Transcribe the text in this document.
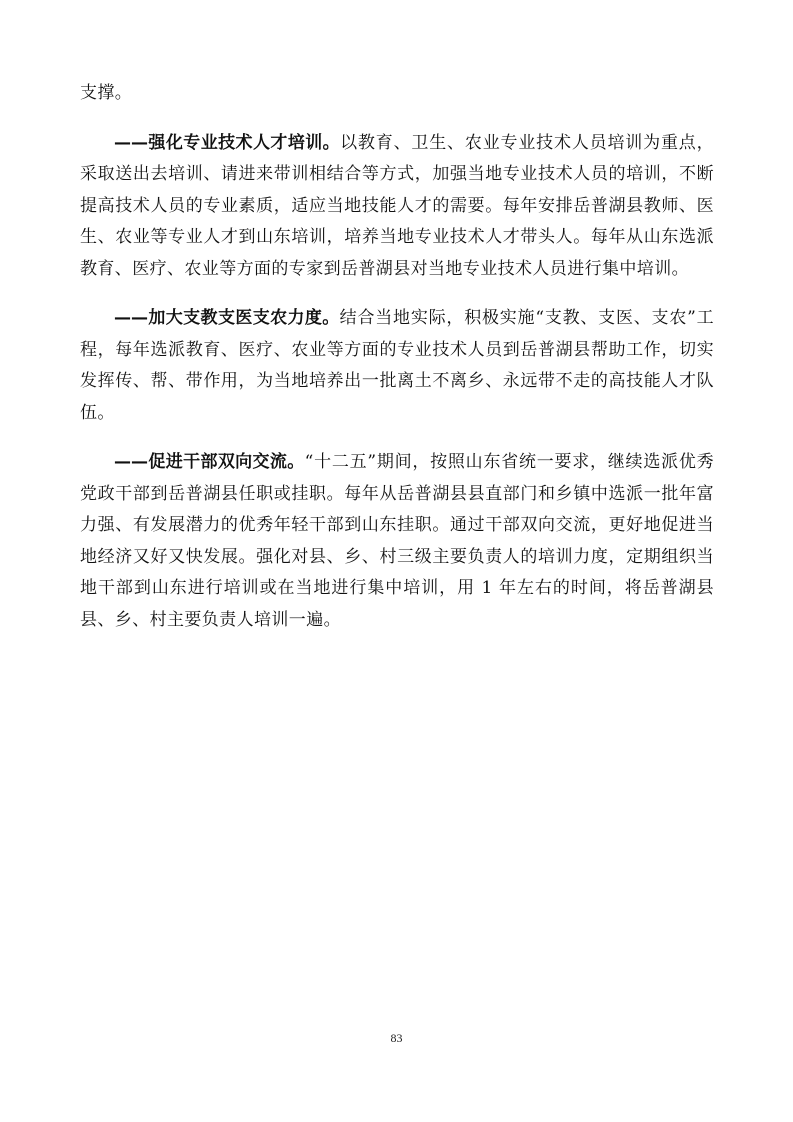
支撑。

——强化专业技术人才培训。以教育、卫生、农业专业技术人员培训为重点，采取送出去培训、请进来带训相结合等方式，加强当地专业技术人员的培训，不断提高技术人员的专业素质，适应当地技能人才的需要。每年安排岳普湖县教师、医生、农业等专业人才到山东培训，培养当地专业技术人才带头人。每年从山东选派教育、医疗、农业等方面的专家到岳普湖县对当地专业技术人员进行集中培训。

——加大支教支医支农力度。结合当地实际，积极实施“支教、支医、支农”工程，每年选派教育、医疗、农业等方面的专业技术人员到岳普湖县帮助工作，切实发挥传、帮、带作用，为当地培养出一批离土不离乡、永远带不走的高技能人才队伍。

——促进干部双向交流。“十二五”期间，按照山东省统一要求，继续选派优秀党政干部到岳普湖县任职或挂职。每年从岳普湖县县直部门和乡镇中选派一批年富力强、有发展潜力的优秀年轻干部到山东挂职。通过干部双向交流，更好地促进当地经济又好又快发展。强化对县、乡、村三级主要负责人的培训力度，定期组织当地干部到山东进行培训或在当地进行集中培训，用 1 年左右的时间，将岳普湖县县、乡、村主要负责人培训一遍。

83
